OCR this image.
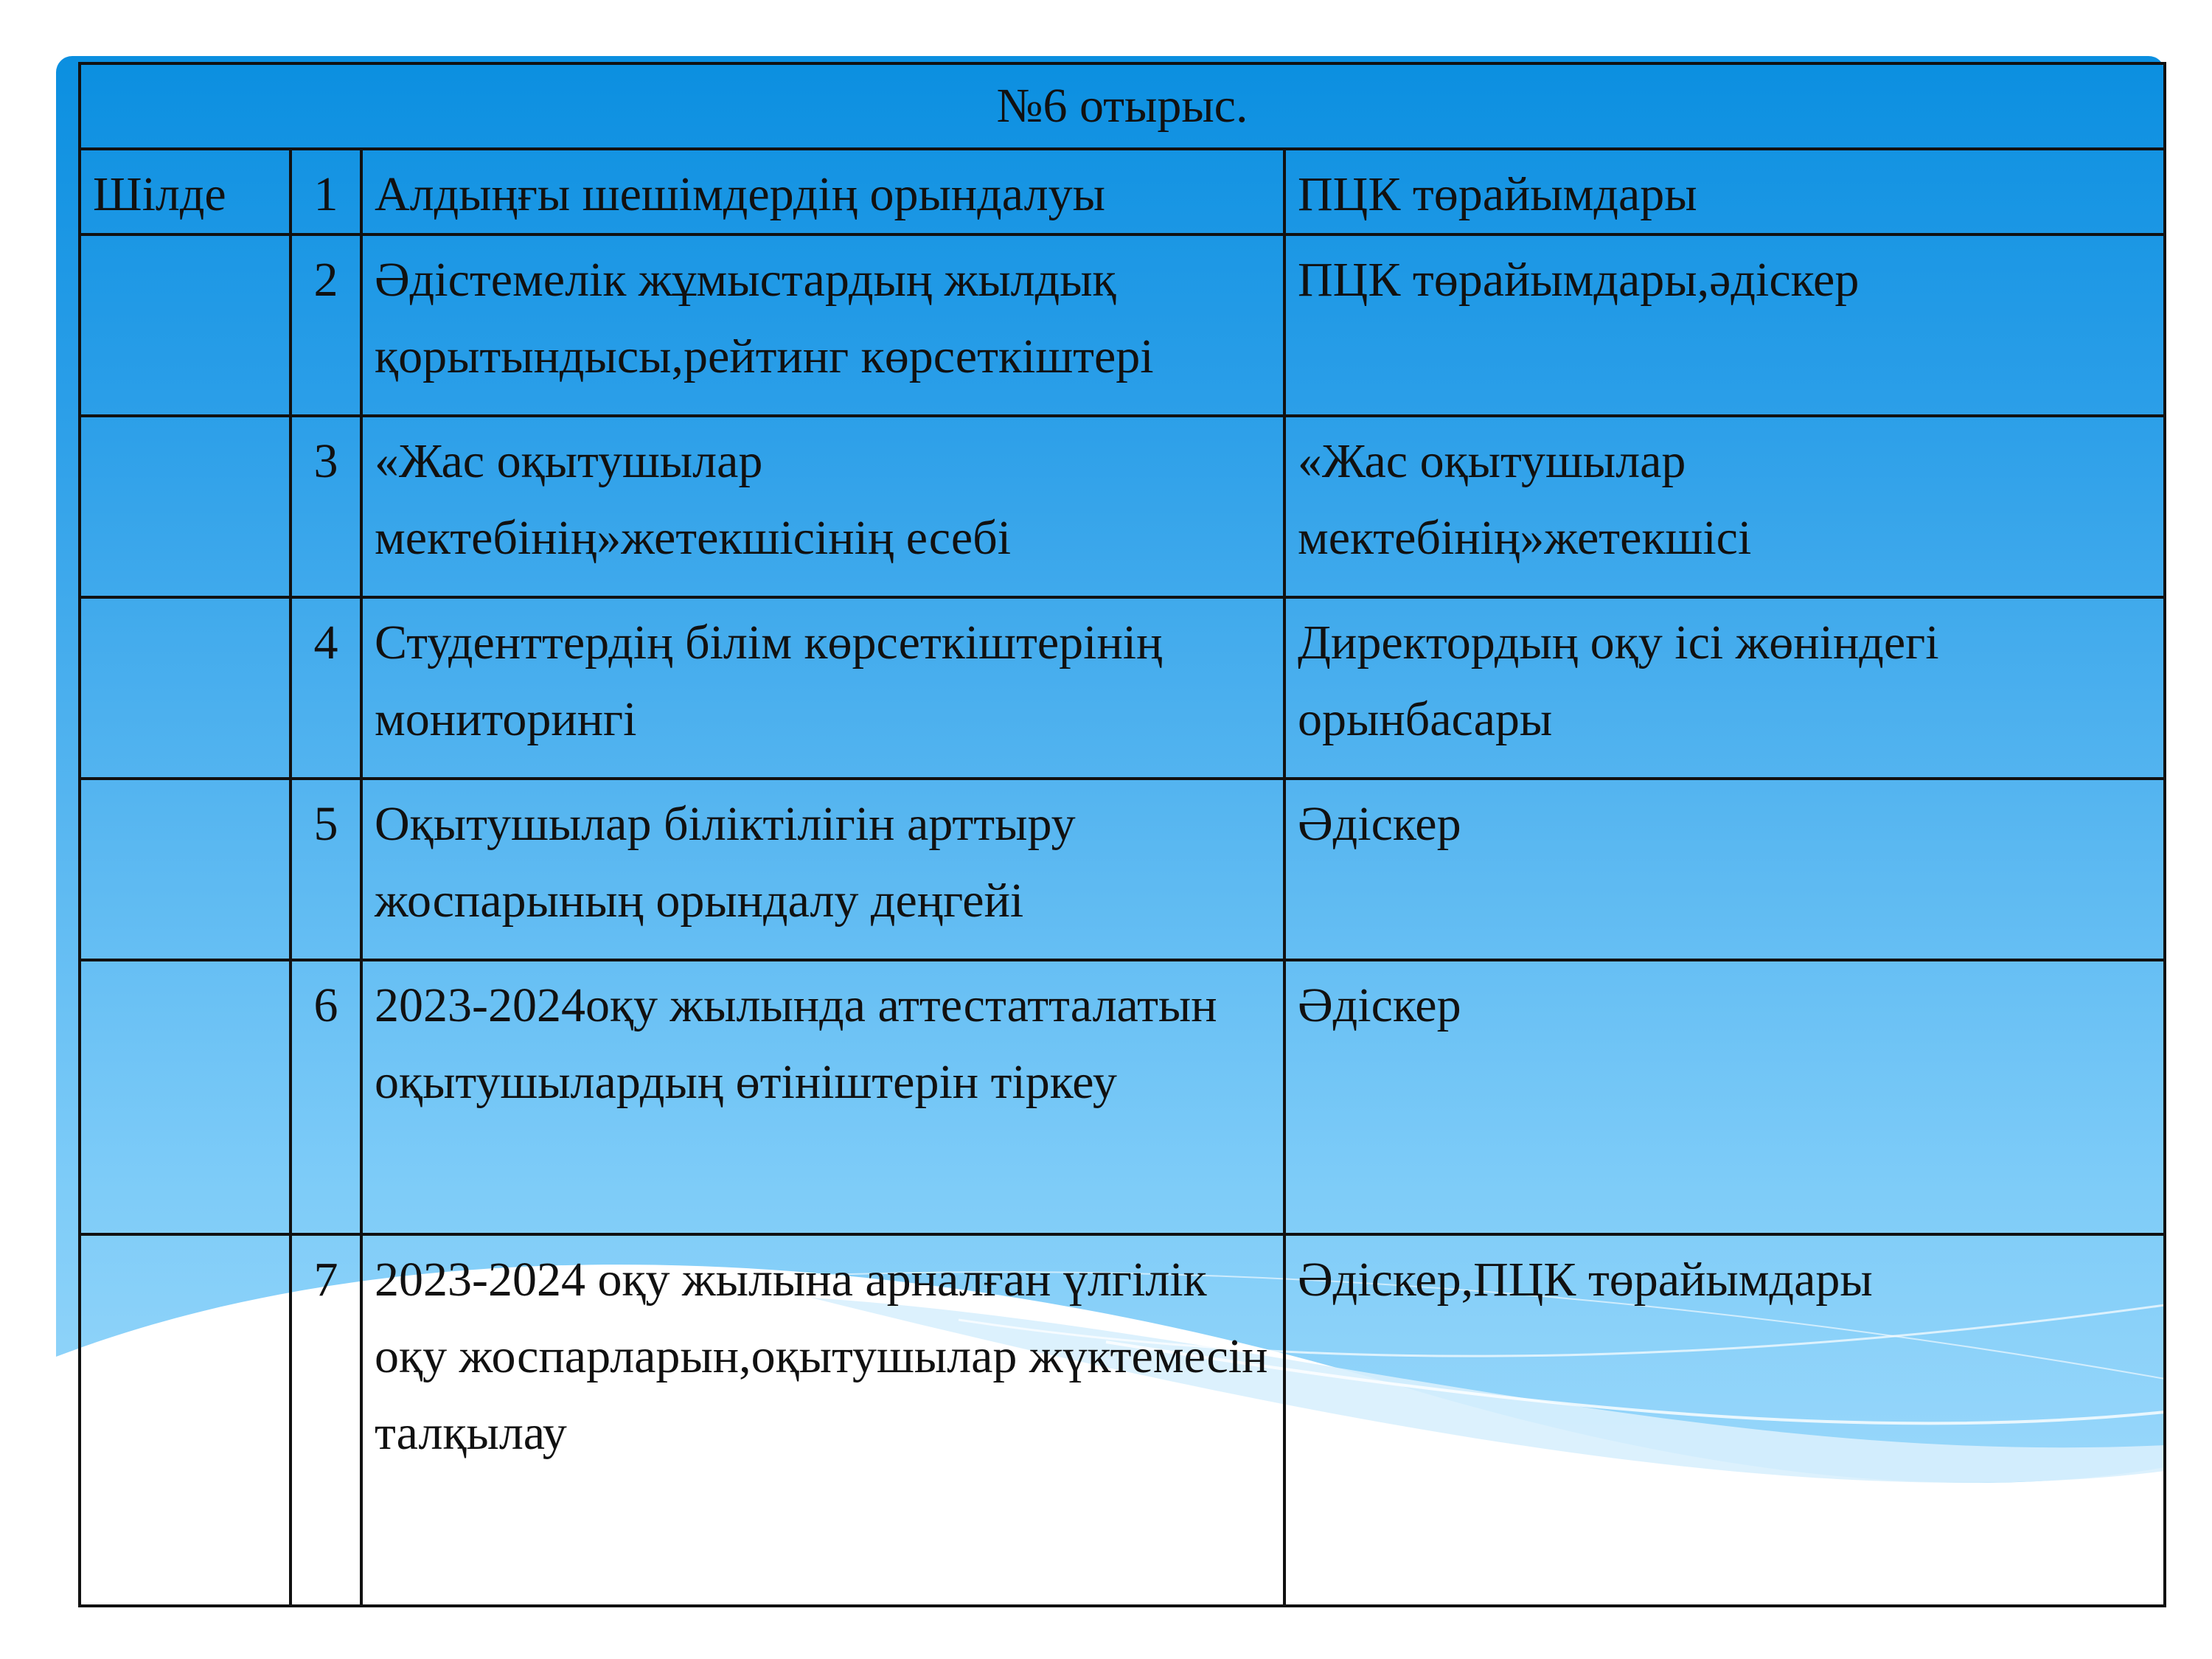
№6 отырыс.			
Шілде	1	Алдыңғы шешімдердің орындалуы	ПЦК төрайымдары
	2	Әдістемелік жұмыстардың жылдық қорытындысы,рейтинг көрсеткіштері	ПЦК төрайымдары,әдіскер
	3	«Жас оқытушылар мектебінің»жетекшісінің есебі	«Жас оқытушылар мектебінің»жетекшісі
	4	Студенттердің білім көрсеткіштерінің мониторингі	Директордың оқу ісі жөніндегі орынбасары
	5	Оқытушылар біліктілігін арттыру жоспарының орындалу деңгейі	Әдіскер
	6	2023-2024оқу жылында аттестатталатын оқытушылардың өтініштерін тіркеу	Әдіскер
	7	2023-2024 оқу жылына арналған үлгілік оқу жоспарларын,оқытушылар жүктемесін талқылау	Әдіскер,ПЦК төрайымдары
